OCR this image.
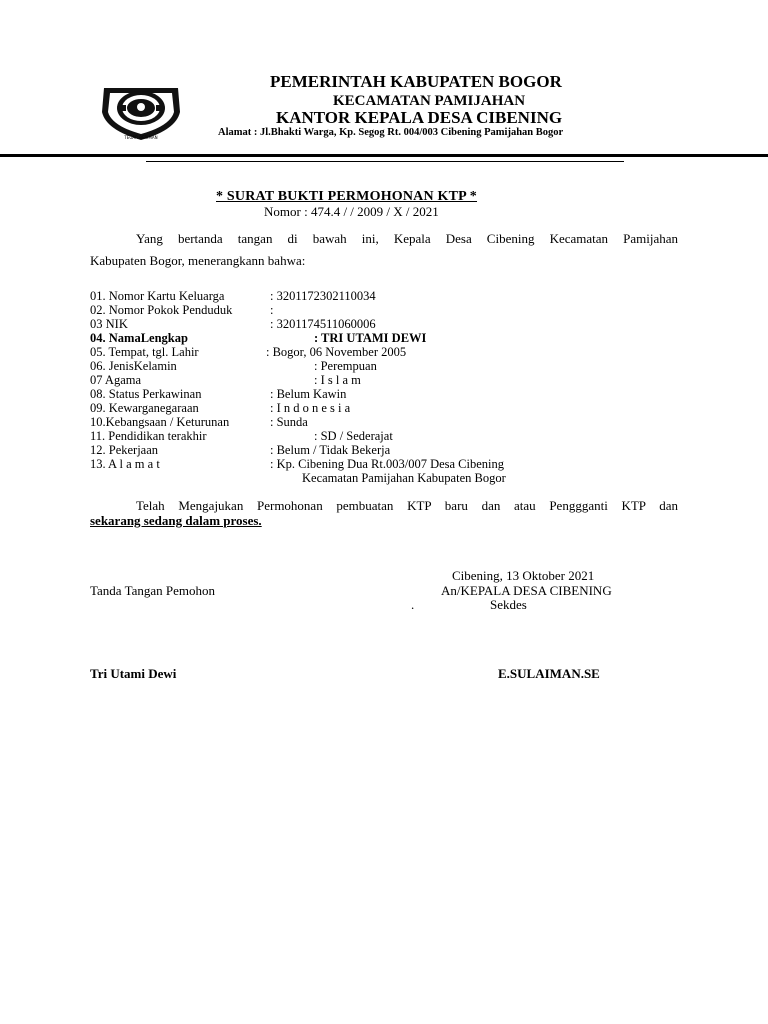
TEGAR BERIMAN
PEMERINTAH KABUPATEN BOGOR
KECAMATAN PAMIJAHAN
KANTOR KEPALA DESA CIBENING
Alamat : Jl.Bhakti Warga, Kp. Segog Rt. 004/003 Cibening Pamijahan Bogor
* SURAT BUKTI PERMOHONAN KTP *
Nomor : 474.4 / / 2009 / X / 2021
Yang bertanda tangan di bawah ini, Kepala Desa Cibening Kecamatan Pamijahan
Kabupaten Bogor, menerangkann bahwa:
01. Nomor Kartu Keluarga	: 3201172302110034
02. Nomor Pokok Penduduk	:
03 NIK	: 3201174511060006
04. NamaLengkap	: TRI UTAMI DEWI
05. Tempat, tgl. Lahir	: Bogor, 06 November 2005
06. JenisKelamin	: Perempuan
07 Agama	: I s l a m
08. Status Perkawinan	: Belum Kawin
09. Kewarganegaraan	: I n d o n e s i a
10.Kebangsaan / Keturunan	: Sunda
11. Pendidikan terakhir	: SD / Sederajat
12. Pekerjaan	: Belum / Tidak Bekerja
13. A l a m a t	: Kp. Cibening Dua Rt.003/007 Desa Cibening
Kecamatan Pamijahan Kabupaten Bogor
Telah Mengajukan Permohonan pembuatan KTP baru dan atau Penggganti KTP dan
sekarang sedang dalam proses.
Cibening, 13 Oktober 2021
Tanda Tangan Pemohon	An/KEPALA DESA CIBENING
.	Sekdes
Tri Utami Dewi	E.SULAIMAN.SE
